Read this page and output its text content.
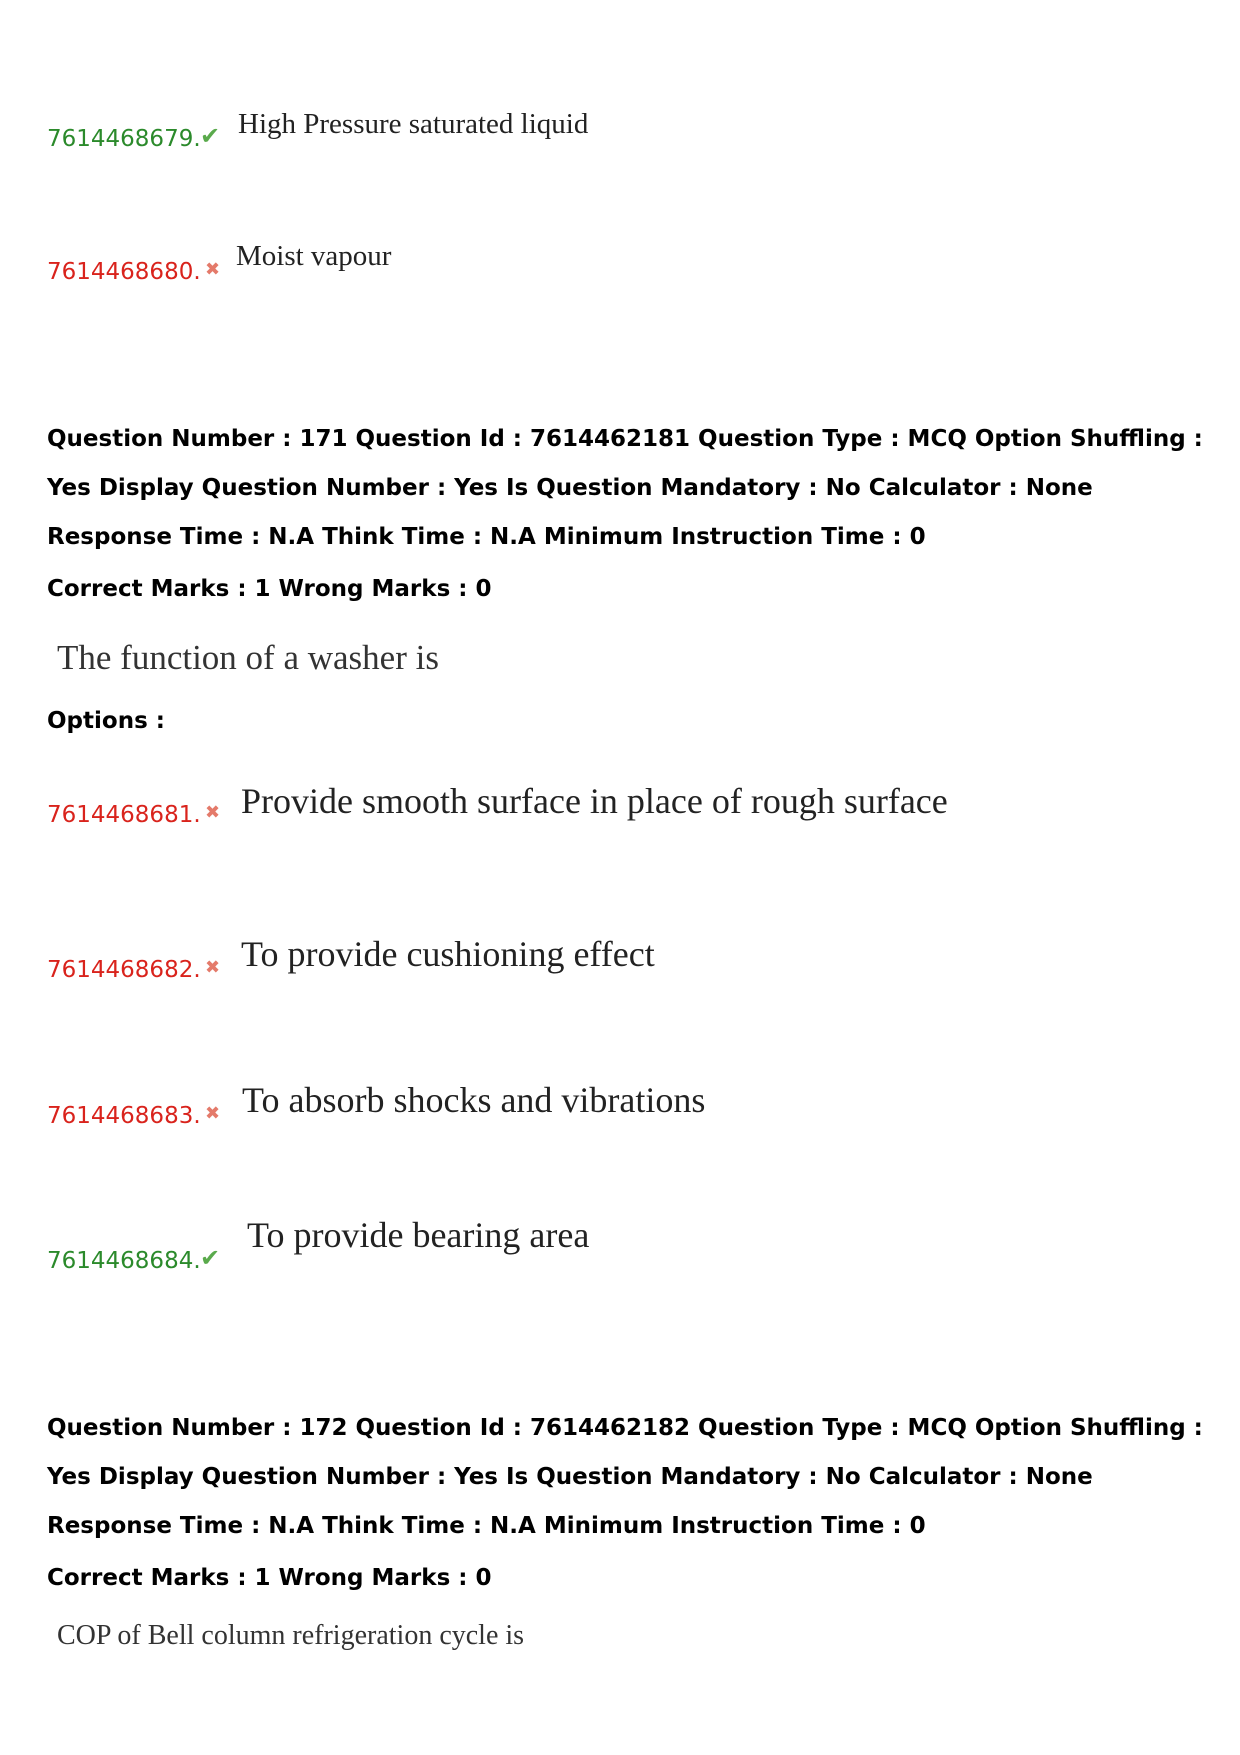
7614468679. ✔ High Pressure saturated liquid
7614468680. ✖ Moist vapour
Question Number : 171 Question Id : 7614462181 Question Type : MCQ Option Shuffling : Yes Display Question Number : Yes Is Question Mandatory : No Calculator : None Response Time : N.A Think Time : N.A Minimum Instruction Time : 0
Correct Marks : 1 Wrong Marks : 0
The function of a washer is
Options :
7614468681. ✖ Provide smooth surface in place of rough surface
7614468682. ✖ To provide cushioning effect
7614468683. ✖ To absorb shocks and vibrations
7614468684. ✔
To provide bearing area
Question Number : 172 Question Id : 7614462182 Question Type : MCQ Option Shuffling : Yes Display Question Number : Yes Is Question Mandatory : No Calculator : None Response Time : N.A Think Time : N.A Minimum Instruction Time : 0
Correct Marks : 1 Wrong Marks : 0
COP of Bell column refrigeration cycle is
